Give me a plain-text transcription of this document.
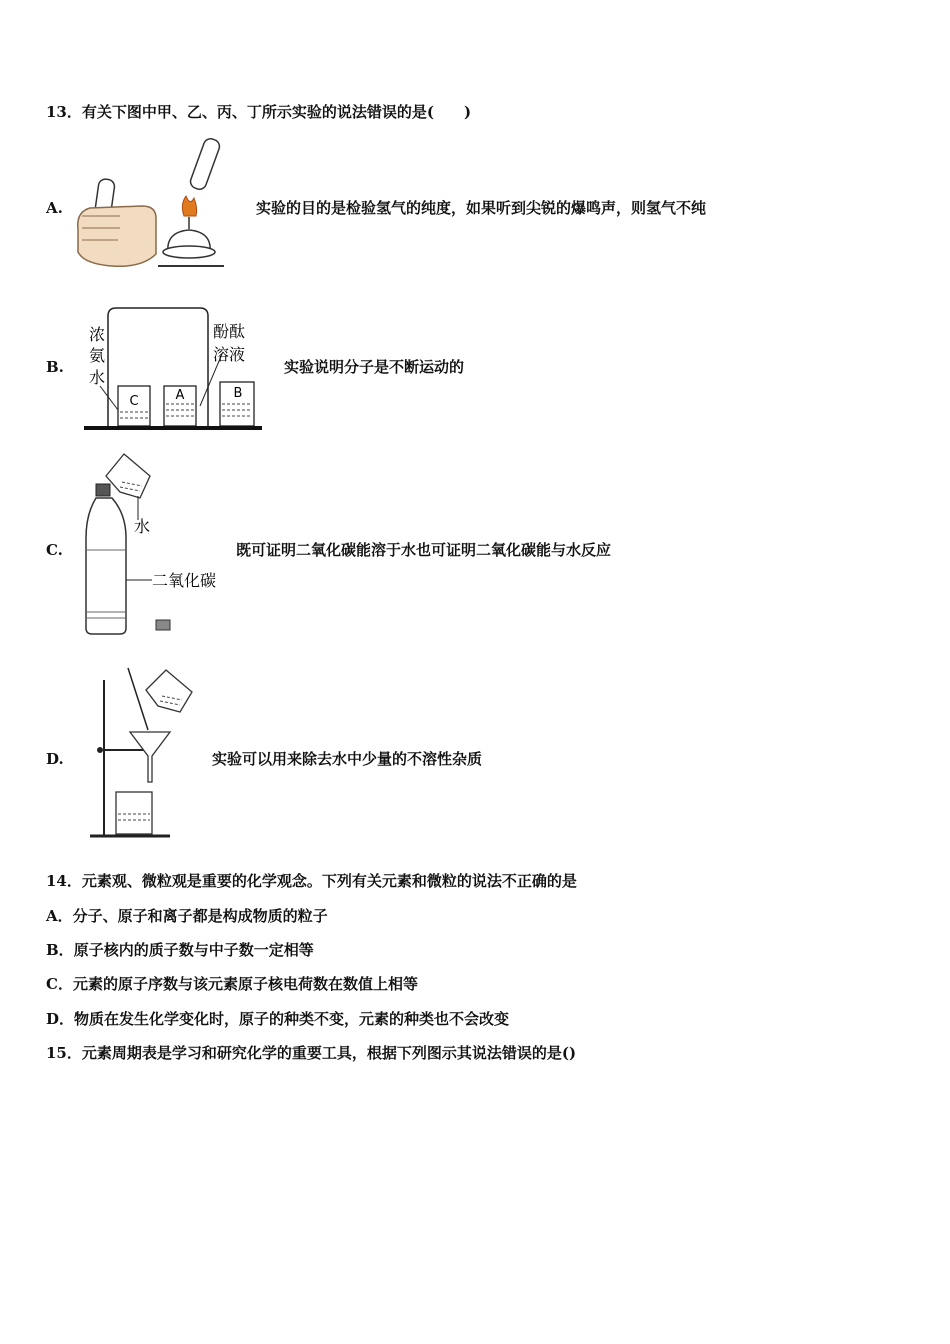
13．有关下图中甲、乙、丙、丁所示实验的说法错误的是(　　)
A.	实验的目的是检验氢气的纯度，如果听到尖锐的爆鸣声，则氢气不纯
B.
C	A	B
浓
氨
水
酚酞
溶液
实验说明分子是不断运动的
C.
水
二氧化碳
既可证明二氧化碳能溶于水也可证明二氧化碳能与水反应
D.	实验可以用来除去水中少量的不溶性杂质
14．元素观、微粒观是重要的化学观念。下列有关元素和微粒的说法不正确的是
A．分子、原子和离子都是构成物质的粒子
B．原子核内的质子数与中子数一定相等
C．元素的原子序数与该元素原子核电荷数在数值上相等
D．物质在发生化学变化时，原子的种类不变，元素的种类也不会改变
15．元素周期表是学习和研究化学的重要工具，根据下列图示其说法错误的是()
